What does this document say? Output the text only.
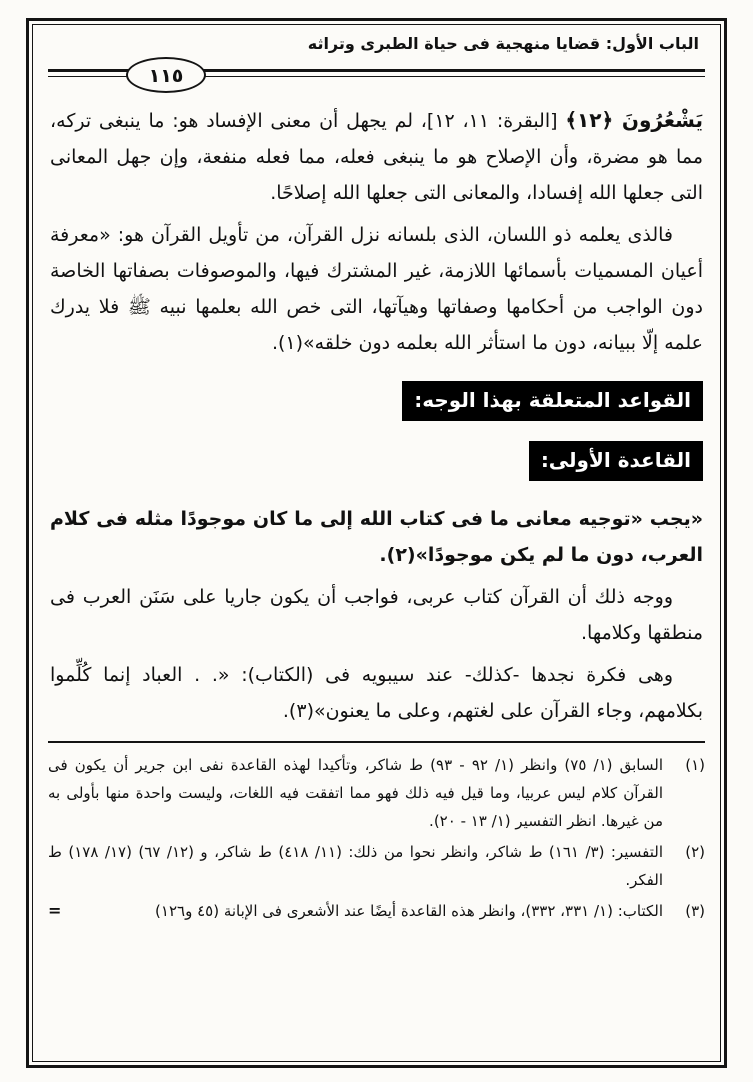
الباب الأول: قضايا منهجية فى حياة الطبرى وتراثه
١١٥

يَشْعُرُونَ ﴿١٢﴾ [البقرة: ١١، ١٢]، لم يجهل أن معنى الإفساد هو: ما ينبغى تركه، مما هو مضرة، وأن الإصلاح هو ما ينبغى فعله، مما فعله منفعة، وإن جهل المعانى التى جعلها الله إفسادا، والمعانى التى جعلها الله إصلاحًا.

فالذى يعلمه ذو اللسان، الذى بلسانه نزل القرآن، من تأويل القرآن هو: «معرفة أعيان المسميات بأسمائها اللازمة، غير المشترك فيها، والموصوفات بصفاتها الخاصة دون الواجب من أحكامها وصفاتها وهيآتها، التى خص الله بعلمها نبيه ﷺ فلا يدرك علمه إلّا ببيانه، دون ما استأثر الله بعلمه دون خلقه»(١).

القواعد المتعلقة بهذا الوجه:
القاعدة الأولى:

«يجب «توجيه معانى ما فى كتاب الله إلى ما كان موجودًا مثله فى كلام العرب، دون ما لم يكن موجودًا»(٢).

ووجه ذلك أن القرآن كتاب عربى، فواجب أن يكون جاريا على سَنَن العرب فى منطقها وكلامها.

وهى فكرة نجدها -كذلك- عند سيبويه فى (الكتاب): «. . العباد إنما كُلِّموا بكلامهم، وجاء القرآن على لغتهم، وعلى ما يعنون»(٣).

(١)
السابق (١/ ٧٥) وانظر (١/ ٩٢ - ٩٣) ط شاكر، وتأكيدا لهذه القاعدة نفى ابن جرير أن يكون فى القرآن كلام ليس عربيا، وما قيل فيه ذلك فهو مما اتفقت فيه اللغات، وليست واحدة منها بأولى به من غيرها. انظر التفسير (١/ ١٣ - ٢٠).
(٢)
التفسير: (٣/ ١٦١) ط شاكر، وانظر نحوا من ذلك: (١١/ ٤١٨) ط شاكر، و (١٢/ ٦٧) (١٧/ ١٧٨) ط الفكر.
(٣)
الكتاب: (١/ ٣٣١، ٣٣٢)، وانظر هذه القاعدة أيضًا عند الأشعرى فى الإبانة (٤٥ و١٢٦)
=
